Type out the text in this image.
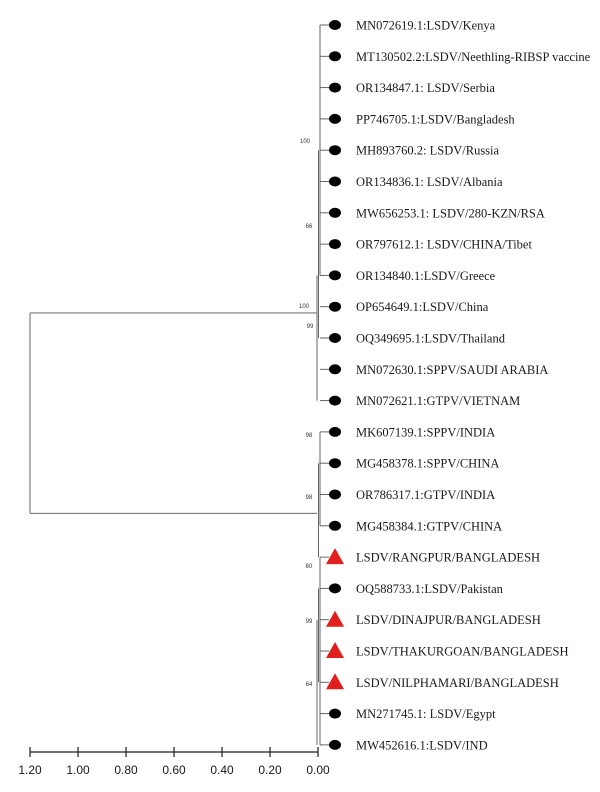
MN072619.1:LSDV/Kenya
MT130502.2:LSDV/Neethling-RIBSP vaccine
OR134847.1: LSDV/Serbia
PP746705.1:LSDV/Bangladesh
MH893760.2: LSDV/Russia
OR134836.1: LSDV/Albania
MW656253.1: LSDV/280-KZN/RSA
OR797612.1: LSDV/CHINA/Tibet
OR134840.1:LSDV/Greece
OP654649.1:LSDV/China
OQ349695.1:LSDV/Thailand
MN072630.1:SPPV/SAUDI ARABIA
MN072621.1:GTPV/VIETNAM
MK607139.1:SPPV/INDIA
MG458378.1:SPPV/CHINA
OR786317.1:GTPV/INDIA
MG458384.1:GTPV/CHINA
LSDV/RANGPUR/BANGLADESH
OQ588733.1:LSDV/Pakistan
LSDV/DINAJPUR/BANGLADESH
LSDV/THAKURGOAN/BANGLADESH
LSDV/NILPHAMARI/BANGLADESH
MN271745.1: LSDV/Egypt
MW452616.1:LSDV/IND
100
66
100
99
98
98
60
99
64
1.20 1.00 0.80 0.60 0.40 0.20 0.00
